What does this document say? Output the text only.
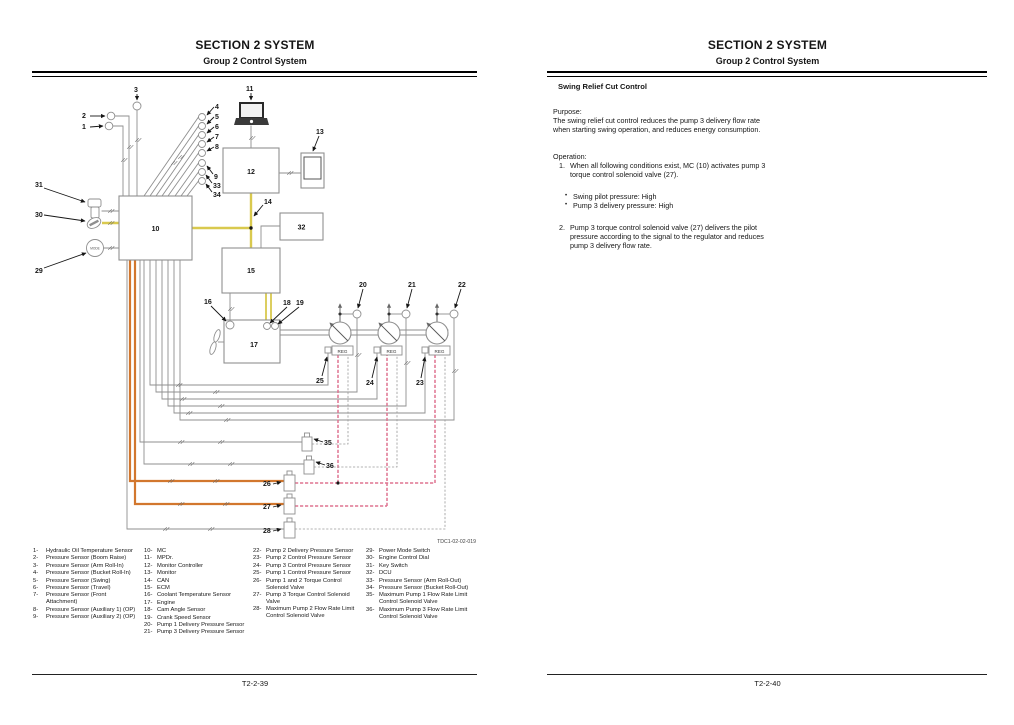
SECTION 2 SYSTEM
Group 2 Control System
10
MODE
12
32
15
17
REG	REG	REG
1
2
3
4
5
6
7
8
9
33
34
11
13
14
16	18 19
20	21	22
23
24
25
26
27
28
29
30
31
35
36
TDC1-02-02-019
1-	Hydraulic Oil Temperature Sensor
2-	Pressure Sensor (Boom Raise)
3-	Pressure Sensor (Arm Roll-In)
4-	Pressure Sensor (Bucket Roll-In)
5-	Pressure Sensor (Swing)
6-	Pressure Sensor (Travel)
7-	Pressure Sensor (Front Attachment)
8-	Pressure Sensor (Auxiliary 1) (OP)
9-	Pressure Sensor (Auxiliary 2) (OP)
10- MC
11- MPDr.
12- Monitor Controller
13- Monitor
14- CAN
15- ECM
16- Coolant Temperature Sensor
17- Engine
18- Cam Angle Sensor
19- Crank Speed Sensor
20- Pump 1 Delivery Pressure Sensor
21- Pump 3 Delivery Pressure Sensor
22- Pump 2 Delivery Pressure Sensor
23- Pump 2 Control Pressure Sensor
24- Pump 3 Control Pressure Sensor
25- Pump 1 Control Pressure Sensor
26- Pump 1 and 2 Torque Control Solenoid Valve
27- Pump 3 Torque Control Solenoid Valve
28- Maximum Pump 2 Flow Rate Limit Control Solenoid Valve
29- Power Mode Switch
30- Engine Control Dial
31- Key Switch
32- DCU
33- Pressure Sensor (Arm Roll-Out)
34- Pressure Sensor (Bucket Roll-Out)
35- Maximum Pump 1 Flow Rate Limit Control Solenoid Valve
36- Maximum Pump 3 Flow Rate Limit Control Solenoid Valve
T2-2-39
SECTION 2 SYSTEM
Group 2 Control System
Swing Relief Cut Control

Purpose:

The swing relief cut control reduces the pump 3 delivery flow rate when starting swing operation, and reduces energy consumption.

Operation:

1. When all following conditions exist, MC (10) activates pump 3 torque control solenoid valve (27).
• Swing pilot pressure: High
• Pump 3 delivery pressure: High
2. Pump 3 torque control solenoid valve (27) delivers the pilot pressure according to the signal to the regulator and reduces pump 3 delivery flow rate.
T2-2-40
